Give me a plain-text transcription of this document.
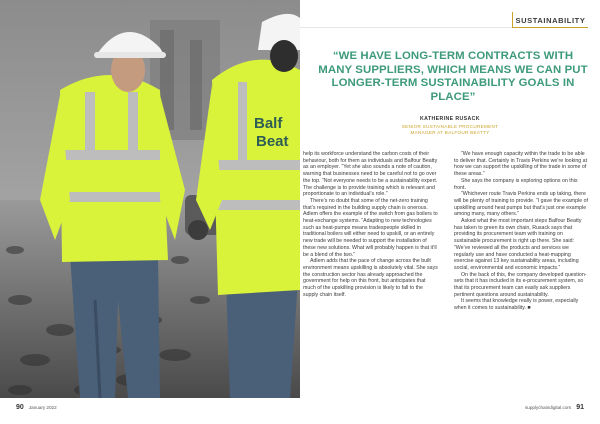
Balf
Beat
SUSTAINABILITY
“WE HAVE LONG-TERM CONTRACTS WITH MANY SUPPLIERS, WHICH MEANS WE CAN PUT LONGER-TERM SUSTAINABILITY GOALS IN PLACE”
KATHERINE RUSACK
SENIOR SUSTAINABLE PROCUREMENT
MANAGER AT BALFOUR BEATTY

help its workforce understand the carbon costs of their behaviour, both for them as individuals and Balfour Beatty as an employer. “Yet she also sounds a note of caution, warning that businesses need to be careful not to go over the top. “Not everyone needs to be a sustainability expert. The challenge is to provide training which is relevant and proportionate to an individual’s role.”

There’s no doubt that some of the net-zero training that’s required in the building supply chain is onerous. Adlem offers the example of the switch from gas boilers to heat-exchange systems. “Adapting to new technologies such as heat-pumps means tradespeople skilled in traditional boilers will either need to upskill, or an entirely new trade will be needed to support the installation of these new solutions. What will probably happen is that it’ll be a blend of the two.”

Adlem adds that the pace of change across the built environment means upskilling is absolutely vital. She says the construction sector has already approached the government for help on this front, but anticipates that much of the upskilling provision is likely to fall to the supply chain itself.

“We have enough capacity within the trade to be able to deliver that. Certainly in Travis Perkins we’re looking at how we can support the upskilling of the trade in some of these areas.”

She says the company is exploring options on this front.

“Whichever route Travis Perkins ends up taking, there will be plenty of training to provide. “I gave the example of upskilling around heat pumps but that’s just one example among many, many others.”

Asked what the most important steps Balfour Beatty has taken to green its own chain, Rusack says that providing its procurement team with training on sustainable procurement is right up there. She said: “We’ve reviewed all the products and services we regularly use and have conducted a heat-mapping exercise against 13 key sustainability areas, including social, environmental and economic impacts.”

On the back of this, the company developed question-sets that it has included in its e-procurement system, so that its procurement team can easily ask suppliers pertinent questions around sustainability.

It seems that knowledge really is power, especially when it comes to sustainability. ■

90 January 2022	supplychaindigital.com 91
